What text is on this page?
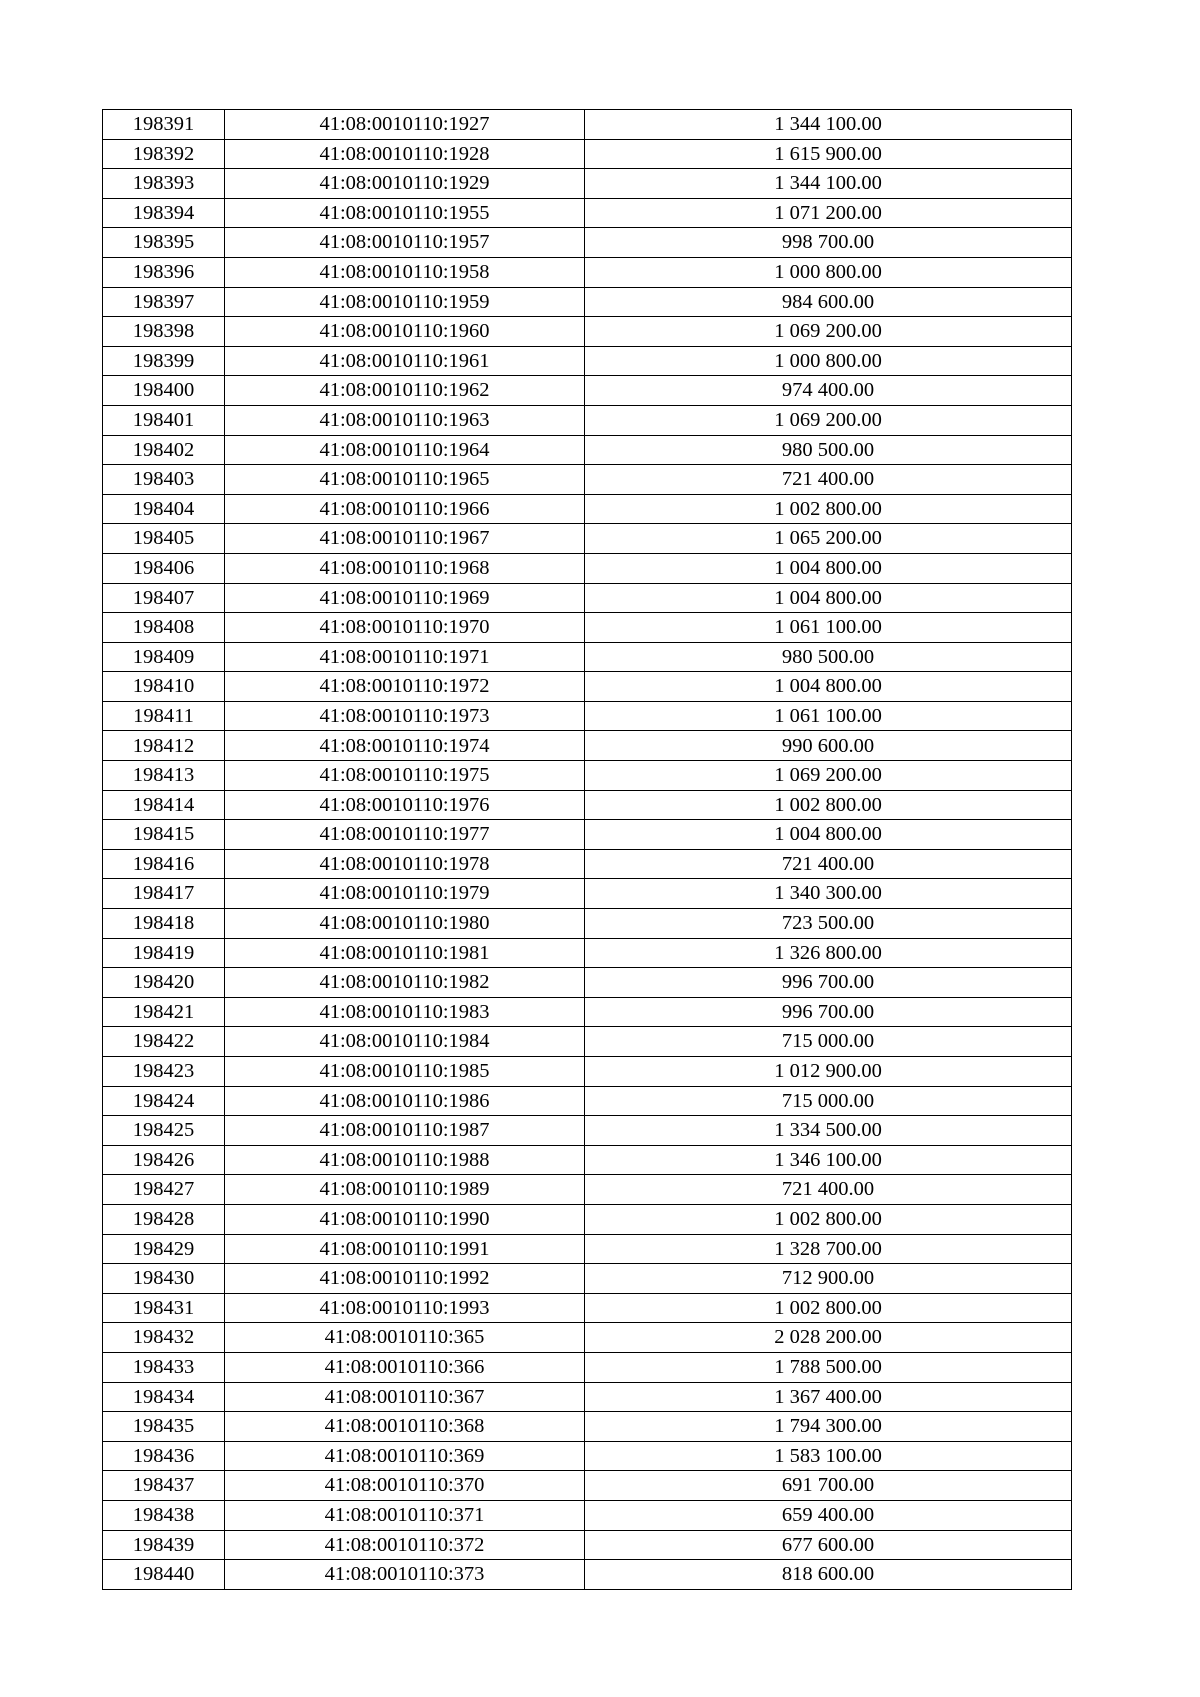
198391	41:08:0010110:1927	1 344 100.00
198392	41:08:0010110:1928	1 615 900.00
198393	41:08:0010110:1929	1 344 100.00
198394	41:08:0010110:1955	1 071 200.00
198395	41:08:0010110:1957	998 700.00
198396	41:08:0010110:1958	1 000 800.00
198397	41:08:0010110:1959	984 600.00
198398	41:08:0010110:1960	1 069 200.00
198399	41:08:0010110:1961	1 000 800.00
198400	41:08:0010110:1962	974 400.00
198401	41:08:0010110:1963	1 069 200.00
198402	41:08:0010110:1964	980 500.00
198403	41:08:0010110:1965	721 400.00
198404	41:08:0010110:1966	1 002 800.00
198405	41:08:0010110:1967	1 065 200.00
198406	41:08:0010110:1968	1 004 800.00
198407	41:08:0010110:1969	1 004 800.00
198408	41:08:0010110:1970	1 061 100.00
198409	41:08:0010110:1971	980 500.00
198410	41:08:0010110:1972	1 004 800.00
198411	41:08:0010110:1973	1 061 100.00
198412	41:08:0010110:1974	990 600.00
198413	41:08:0010110:1975	1 069 200.00
198414	41:08:0010110:1976	1 002 800.00
198415	41:08:0010110:1977	1 004 800.00
198416	41:08:0010110:1978	721 400.00
198417	41:08:0010110:1979	1 340 300.00
198418	41:08:0010110:1980	723 500.00
198419	41:08:0010110:1981	1 326 800.00
198420	41:08:0010110:1982	996 700.00
198421	41:08:0010110:1983	996 700.00
198422	41:08:0010110:1984	715 000.00
198423	41:08:0010110:1985	1 012 900.00
198424	41:08:0010110:1986	715 000.00
198425	41:08:0010110:1987	1 334 500.00
198426	41:08:0010110:1988	1 346 100.00
198427	41:08:0010110:1989	721 400.00
198428	41:08:0010110:1990	1 002 800.00
198429	41:08:0010110:1991	1 328 700.00
198430	41:08:0010110:1992	712 900.00
198431	41:08:0010110:1993	1 002 800.00
198432	41:08:0010110:365	2 028 200.00
198433	41:08:0010110:366	1 788 500.00
198434	41:08:0010110:367	1 367 400.00
198435	41:08:0010110:368	1 794 300.00
198436	41:08:0010110:369	1 583 100.00
198437	41:08:0010110:370	691 700.00
198438	41:08:0010110:371	659 400.00
198439	41:08:0010110:372	677 600.00
198440	41:08:0010110:373	818 600.00
